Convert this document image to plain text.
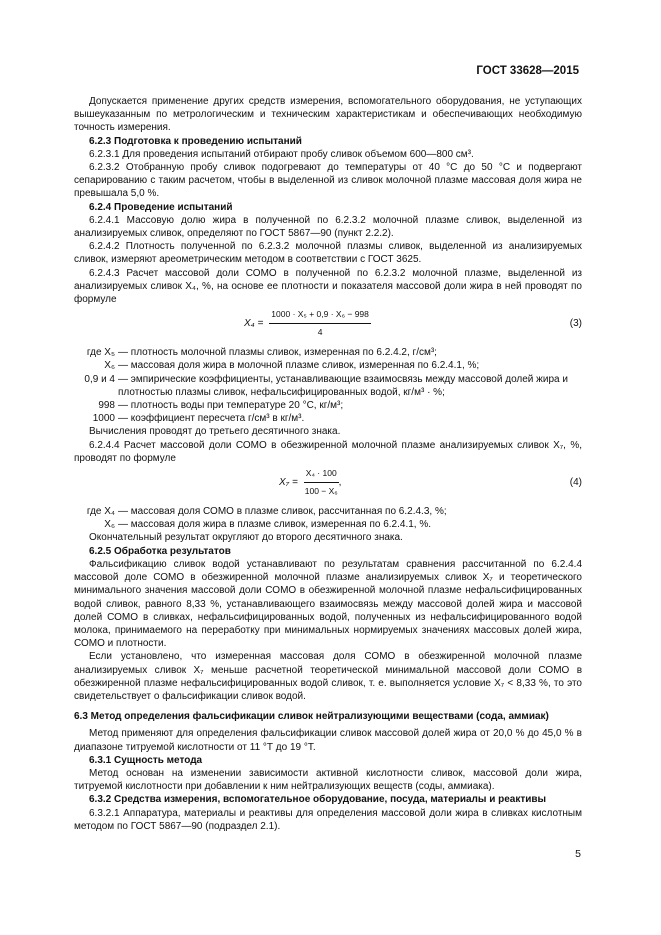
ГОСТ 33628—2015

Допускается применение других средств измерения, вспомогательного оборудования, не уступающих вышеуказанным по метрологическим и техническим характеристикам и обеспечивающих необходимую точность измерения.

6.2.3 Подготовка к проведению испытаний

6.2.3.1 Для проведения испытаний отбирают пробу сливок объемом 600—800 см³.

6.2.3.2 Отобранную пробу сливок подогревают до температуры от 40 °С до 50 °С и подвергают сепарированию с таким расчетом, чтобы в выделенной из сливок молочной плазме массовая доля жира не превышала 5,0 %.

6.2.4 Проведение испытаний

6.2.4.1 Массовую долю жира в полученной по 6.2.3.2 молочной плазме сливок, выделенной из анализируемых сливок, определяют по ГОСТ 5867—90 (пункт 2.2.2).

6.2.4.2 Плотность полученной по 6.2.3.2 молочной плазмы сливок, выделенной из анализируемых сливок, измеряют ареометрическим методом в соответствии с ГОСТ 3625.

6.2.4.3 Расчет массовой доли СОМО в полученной по 6.2.3.2 молочной плазме, выделенной из анализируемых сливок X₄, %, на основе ее плотности и показателя массовой доли жира в ней проводят по формуле

$X_4 = \frac{\text{1000 · X₅ + 0,9 · X₆ − 998}}{4}$	(3)
где X₅ — плотность молочной плазмы сливок, измеренная по 6.2.4.2, г/см³;
X₆ — массовая доля жира в молочной плазме сливок, измеренная по 6.2.4.1, %;
0,9 и 4 — эмпирические коэффициенты, устанавливающие взаимосвязь между массовой долей жира и плотностью плазмы сливок, нефальсифицированных водой, кг/м³ · %;
998 — плотность воды при температуре 20 °С, кг/м³;
1000 — коэффициент пересчета г/см³ в кг/м³.

Вычисления проводят до третьего десятичного знака.

6.2.4.4 Расчет массовой доли СОМО в обезжиренной молочной плазме анализируемых сливок X₇, %, проводят по формуле

$X_7 = \frac{\text{X₄ · 100}}{\text{100 − X₆}}$ ,	(4)
где X₄ — массовая доля СОМО в плазме сливок, рассчитанная по 6.2.4.3, %;
X₆ — массовая доля жира в плазме сливок, измеренная по 6.2.4.1, %.

Окончательный результат округляют до второго десятичного знака.

6.2.5 Обработка результатов

Фальсификацию сливок водой устанавливают по результатам сравнения рассчитанной по 6.2.4.4 массовой доле СОМО в обезжиренной молочной плазме анализируемых сливок X₇ и теоретического минимального значения массовой доли СОМО в обезжиренной молочной плазме нефальсифицированных водой сливок, равного 8,33 %, устанавливающего взаимосвязь между массовой долей жира и массовой долей СОМО в сливках, нефальсифицированных водой, полученных из нефальсифицированного водой молока, принимаемого на переработку при минимальных нормируемых значениях массовых долей жира, СОМО и плотности.

Если установлено, что измеренная массовая доля СОМО в обезжиренной молочной плазме анализируемых сливок X₇ меньше расчетной теоретической минимальной массовой доли СОМО в обезжиренной плазме нефальсифицированных водой сливок, т. е. выполняется условие X₇ < 8,33 %, то это свидетельствует о фальсификации сливок водой.

6.3 Метод определения фальсификации сливок нейтрализующими веществами (сода, аммиак)

Метод применяют для определения фальсификации сливок массовой долей жира от 20,0 % до 45,0 % в диапазоне титруемой кислотности от 11 °Т до 19 °Т.

6.3.1 Сущность метода

Метод основан на изменении зависимости активной кислотности сливок, массовой доли жира, титруемой кислотности при добавлении к ним нейтрализующих веществ (соды, аммиака).

6.3.2 Средства измерения, вспомогательное оборудование, посуда, материалы и реактивы

6.3.2.1 Аппаратура, материалы и реактивы для определения массовой доли жира в сливках кислотным методом по ГОСТ 5867—90 (подраздел 2.1).

5
